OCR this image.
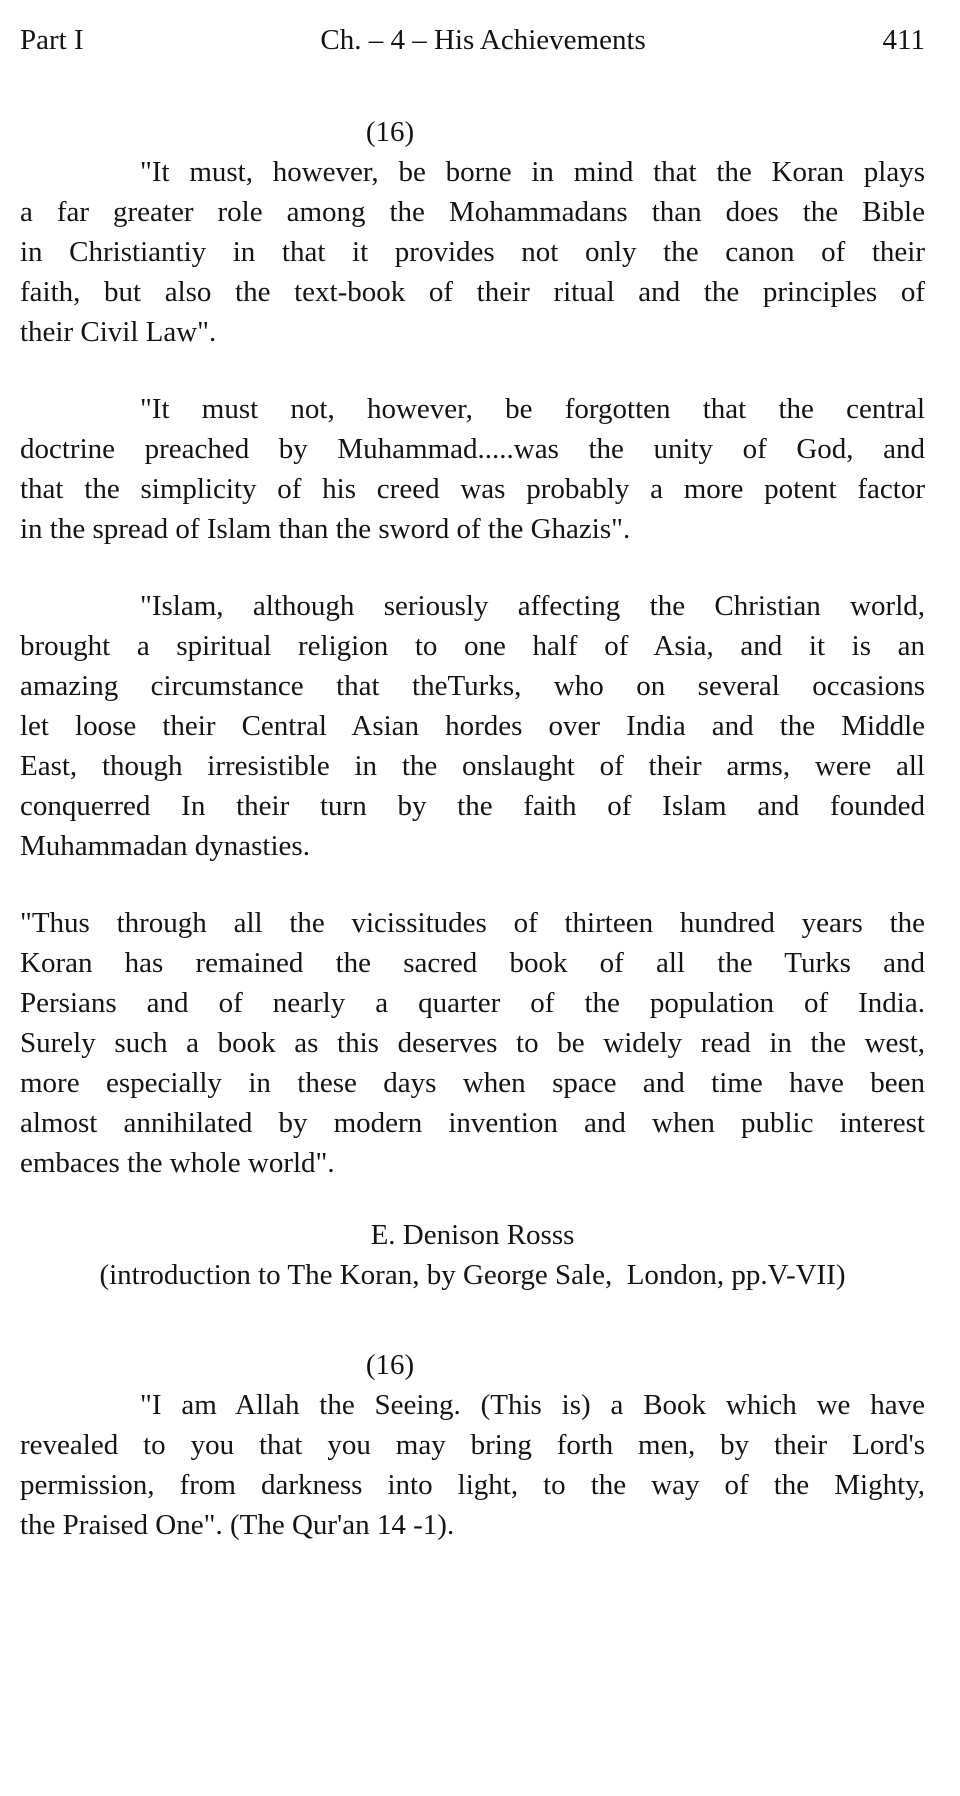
Part I	Ch. – 4 – His Achievements	411
(16)
"It must, however, be borne in mind that the Koran plays
a far greater role among the Mohammadans than does the Bible
in Christiantiy in that it provides not only the canon of their
faith, but also the text-book of their ritual and the principles of
their Civil Law".
"It must not, however, be forgotten that the central
doctrine preached by Muhammad.....was the unity of God, and
that the simplicity of his creed was probably a more potent factor
in the spread of Islam than the sword of the Ghazis".
"Islam, although seriously affecting the Christian world,
brought a spiritual religion to one half of Asia, and it is an
amazing circumstance that theTurks, who on several occasions
let loose their Central Asian hordes over India and the Middle
East, though irresistible in the onslaught of their arms, were all
conquerred In their turn by the faith of Islam and founded
Muhammadan dynasties.
"Thus through all the vicissitudes of thirteen hundred years the
Koran has remained the sacred book of all the Turks and
Persians and of nearly a quarter of the population of India.
Surely such a book as this deserves to be widely read in the west,
more especially in these days when space and time have been
almost annihilated by modern invention and when public interest
embaces the whole world".
E. Denison Rosss
(introduction to The Koran, by George Sale,  London, pp.V-VII)
(16)
"I am Allah the Seeing. (This is) a Book which we have
revealed to you that you may bring forth men, by their Lord's
permission, from darkness into light, to the way of the Mighty,
the Praised One". (The Qur'an 14 -1).
